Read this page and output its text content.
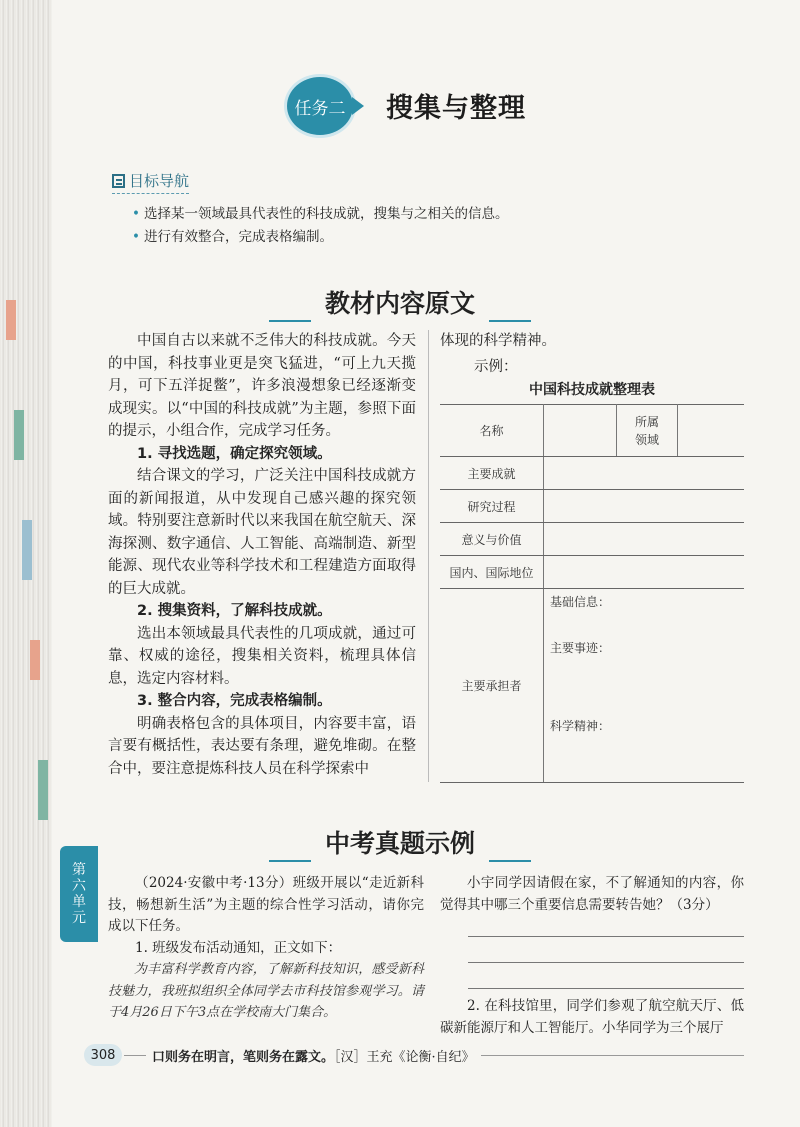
任务二 搜集与整理
目标导航
• 选择某一领域最具代表性的科技成就，搜集与之相关的信息。
• 进行有效整合，完成表格编制。
教材内容原文

中国自古以来就不乏伟大的科技成就。今天的中国，科技事业更是突飞猛进，“可上九天揽月，可下五洋捉鳖”，许多浪漫想象已经逐渐变成现实。以“中国的科技成就”为主题，参照下面的提示，小组合作，完成学习任务。

1. 寻找选题，确定探究领域。

结合课文的学习，广泛关注中国科技成就方面的新闻报道，从中发现自己感兴趣的探究领域。特别要注意新时代以来我国在航空航天、深海探测、数字通信、人工智能、高端制造、新型能源、现代农业等科学技术和工程建造方面取得的巨大成就。

2. 搜集资料，了解科技成就。

选出本领域最具代表性的几项成就，通过可靠、权威的途径，搜集相关资料，梳理具体信息，选定内容材料。

3. 整合内容，完成表格编制。

明确表格包含的具体项目，内容要丰富，语言要有概括性，表达要有条理，避免堆砌。在整合中，要注意提炼科技人员在科学探索中

体现的科学精神。
示例：
中国科技成就整理表
名称		所属领域	

主要成就			
研究过程			
意义与价值			
国内、国际地位			
主要承担者	基础信息：
主要事迹：
科学精神：		
中考真题示例
第六单元

（2024·安徽中考·13分）班级开展以“走近新科技，畅想新生活”为主题的综合性学习活动，请你完成以下任务。

1. 班级发布活动通知，正文如下：

为丰富科学教育内容，了解新科技知识，感受新科技魅力，我班拟组织全体同学去市科技馆参观学习。请于4月26日下午3点在学校南大门集合。

小宇同学因请假在家，不了解通知的内容，你觉得其中哪三个重要信息需要转告她？（3分）

2. 在科技馆里，同学们参观了航空航天厅、低碳新能源厅和人工智能厅。小华同学为三个展厅

308	口则务在明言，笔则务在露文。［汉］王充《论衡·自纪》
